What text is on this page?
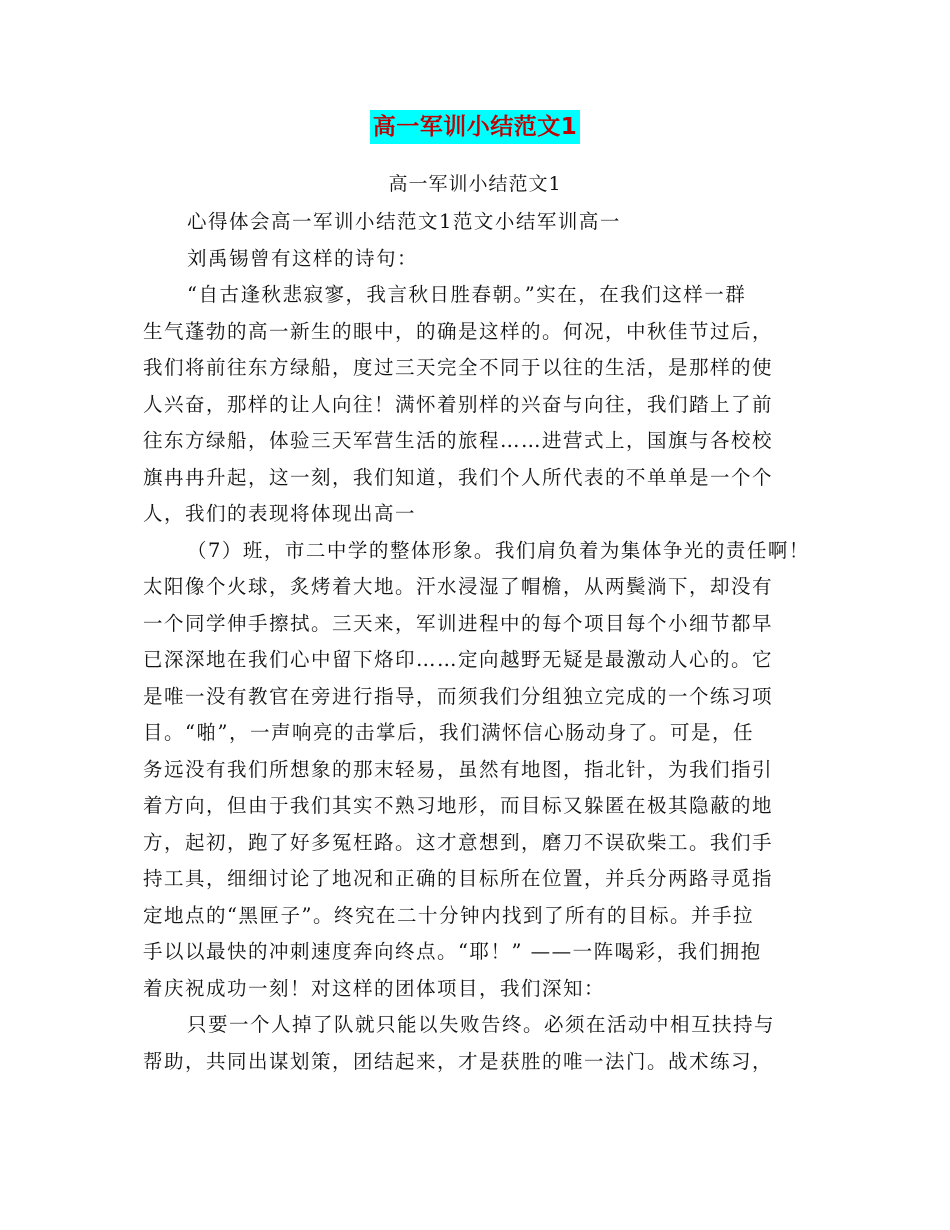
高一军训小结范文1
高一军训小结范文1
心得体会高一军训小结范文1范文小结军训高一
刘禹锡曾有这样的诗句：
“自古逢秋悲寂寥，我言秋日胜春朝。”实在，在我们这样一群
生气蓬勃的高一新生的眼中，的确是这样的。何况，中秋佳节过后，
我们将前往东方绿船，度过三天完全不同于以往的生活，是那样的使
人兴奋，那样的让人向往！满怀着别样的兴奋与向往，我们踏上了前
往东方绿船，体验三天军营生活的旅程……进营式上，国旗与各校校
旗冉冉升起，这一刻，我们知道，我们个人所代表的不单单是一个个
人，我们的表现将体现出高一
（7）班，市二中学的整体形象。我们肩负着为集体争光的责任啊！
太阳像个火球，炙烤着大地。汗水浸湿了帽檐，从两鬓淌下，却没有
一个同学伸手擦拭。三天来，军训进程中的每个项目每个小细节都早
已深深地在我们心中留下烙印……定向越野无疑是最激动人心的。它
是唯一没有教官在旁进行指导，而须我们分组独立完成的一个练习项
目。“啪”，一声响亮的击掌后，我们满怀信心肠动身了。可是，任
务远没有我们所想象的那末轻易，虽然有地图，指北针，为我们指引
着方向，但由于我们其实不熟习地形，而目标又躲匿在极其隐蔽的地
方，起初，跑了好多冤枉路。这才意想到，磨刀不误砍柴工。我们手
持工具，细细讨论了地况和正确的目标所在位置，并兵分两路寻觅指
定地点的“黑匣子”。终究在二十分钟内找到了所有的目标。并手拉
手以以最快的冲刺速度奔向终点。“耶！” ——一阵喝彩，我们拥抱
着庆祝成功一刻！对这样的团体项目，我们深知：
只要一个人掉了队就只能以失败告终。必须在活动中相互扶持与
帮助，共同出谋划策，团结起来，才是获胜的唯一法门。战术练习，
